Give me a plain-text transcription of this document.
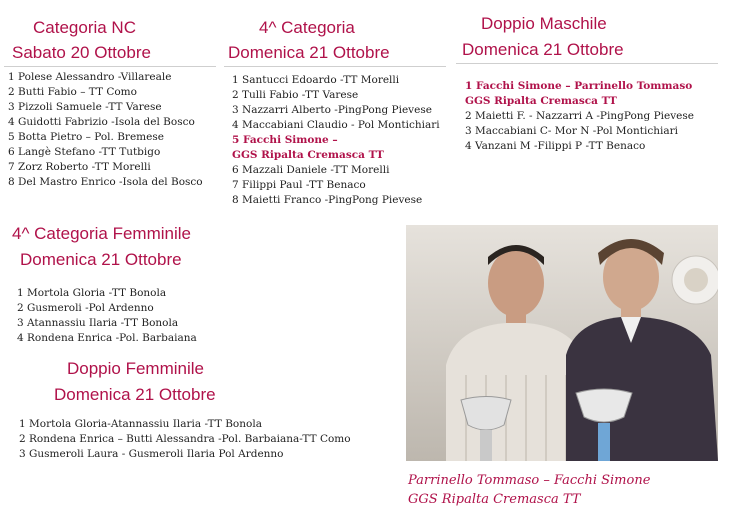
Categoria NC
Sabato 20 Ottobre
1 Polese Alessandro -Villareale
2 Butti Fabio – TT Como
3 Pizzoli Samuele -TT Varese
4 Guidotti Fabrizio -Isola del Bosco
5 Botta Pietro – Pol. Bremese
6 Langè Stefano -TT Tutbigo
7 Zorz Roberto -TT Morelli
8 Del Mastro Enrico -Isola del Bosco
4^ Categoria
Domenica 21 Ottobre
1 Santucci Edoardo -TT Morelli
2 Tulli Fabio -TT Varese
3 Nazzarri Alberto -PingPong Pievese
4 Maccabiani Claudio - Pol Montichiari
5 Facchi Simone –
GGS Ripalta Cremasca TT
6 Mazzali Daniele -TT Morelli
7 Filippi Paul -TT Benaco
8 Maietti Franco -PingPong Pievese
Doppio Maschile
Domenica 21 Ottobre
1 Facchi Simone – Parrinello Tommaso
GGS Ripalta Cremasca TT
2 Maietti F. - Nazzarri A -PingPong Pievese
3 Maccabiani C- Mor N -Pol Montichiari
4 Vanzani M -Filippi P -TT Benaco
4^ Categoria Femminile
Domenica 21 Ottobre
1 Mortola Gloria -TT Bonola
2 Gusmeroli -Pol Ardenno
3 Atannassiu Ilaria -TT Bonola
4 Rondena Enrica -Pol. Barbaiana
Doppio Femminile
Domenica 21 Ottobre
1 Mortola Gloria-Atannassiu Ilaria -TT Bonola
2 Rondena Enrica – Butti Alessandra -Pol. Barbaiana-TT Como
3 Gusmeroli Laura - Gusmeroli Ilaria Pol Ardenno
Parrinello Tommaso – Facchi Simone
GGS Ripalta Cremasca TT
